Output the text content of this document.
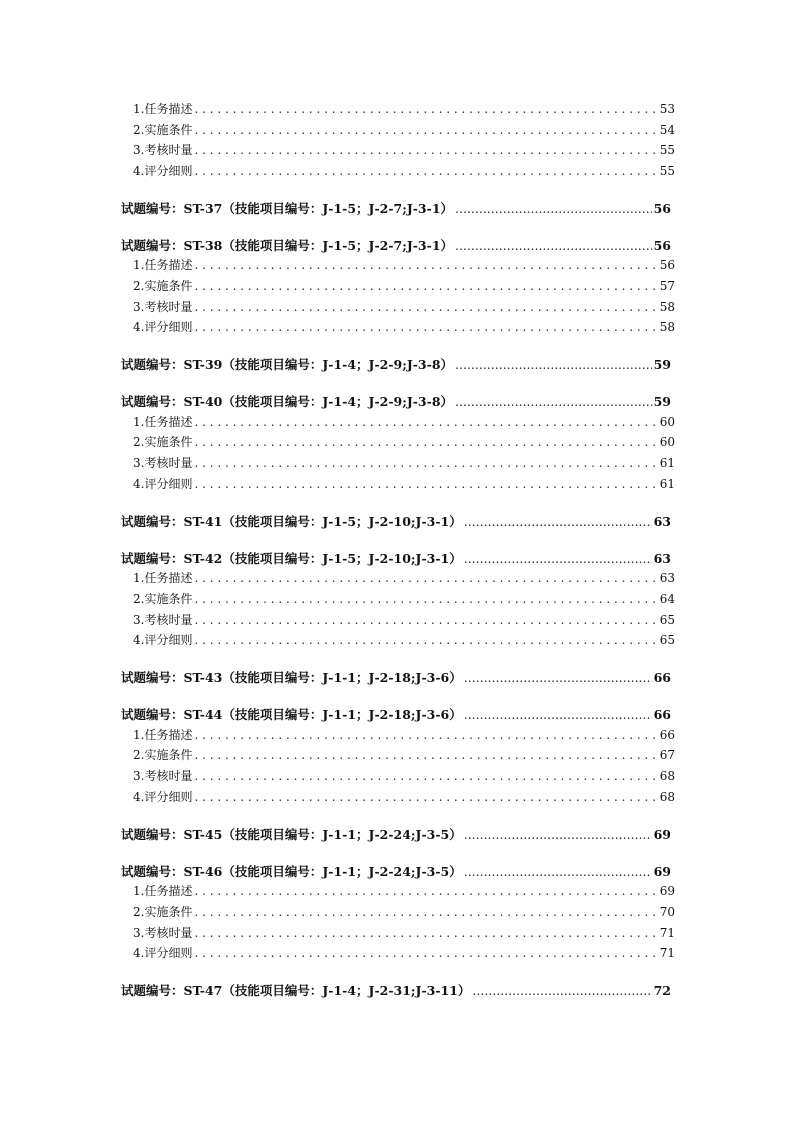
1.任务描述 . . .	53
2.实施条件 . . .	54
3.考核时量 . . .	55
4.评分细则 . . .	55
试题编号：ST-37（技能项目编号：J-1-5；J-2-7;J-3-1） .....	56
试题编号：ST-38（技能项目编号：J-1-5；J-2-7;J-3-1） .....	56
1.任务描述 . . .	56
2.实施条件 . . .	57
3.考核时量 . . .	58
4.评分细则 . . .	58
试题编号：ST-39（技能项目编号：J-1-4；J-2-9;J-3-8） .....	59
试题编号：ST-40（技能项目编号：J-1-4；J-2-9;J-3-8） .....	59
1.任务描述 . . .	60
2.实施条件 . . .	60
3.考核时量 . . .	61
4.评分细则 . . .	61
试题编号：ST-41（技能项目编号：J-1-5；J-2-10;J-3-1） .....	63
试题编号：ST-42（技能项目编号：J-1-5；J-2-10;J-3-1） .....	63
1.任务描述 . . .	63
2.实施条件 . . .	64
3.考核时量 . . .	65
4.评分细则 . . .	65
试题编号：ST-43（技能项目编号：J-1-1；J-2-18;J-3-6） .....	66
试题编号：ST-44（技能项目编号：J-1-1；J-2-18;J-3-6） .....	66
1.任务描述 . . .	66
2.实施条件 . . .	67
3.考核时量 . . .	68
4.评分细则 . . .	68
试题编号：ST-45（技能项目编号：J-1-1；J-2-24;J-3-5） .....	69
试题编号：ST-46（技能项目编号：J-1-1；J-2-24;J-3-5） .....	69
1.任务描述 . . .	69
2.实施条件 . . .	70
3.考核时量 . . .	71
4.评分细则 . . .	71
试题编号：ST-47（技能项目编号：J-1-4；J-2-31;J-3-11） .....	72
